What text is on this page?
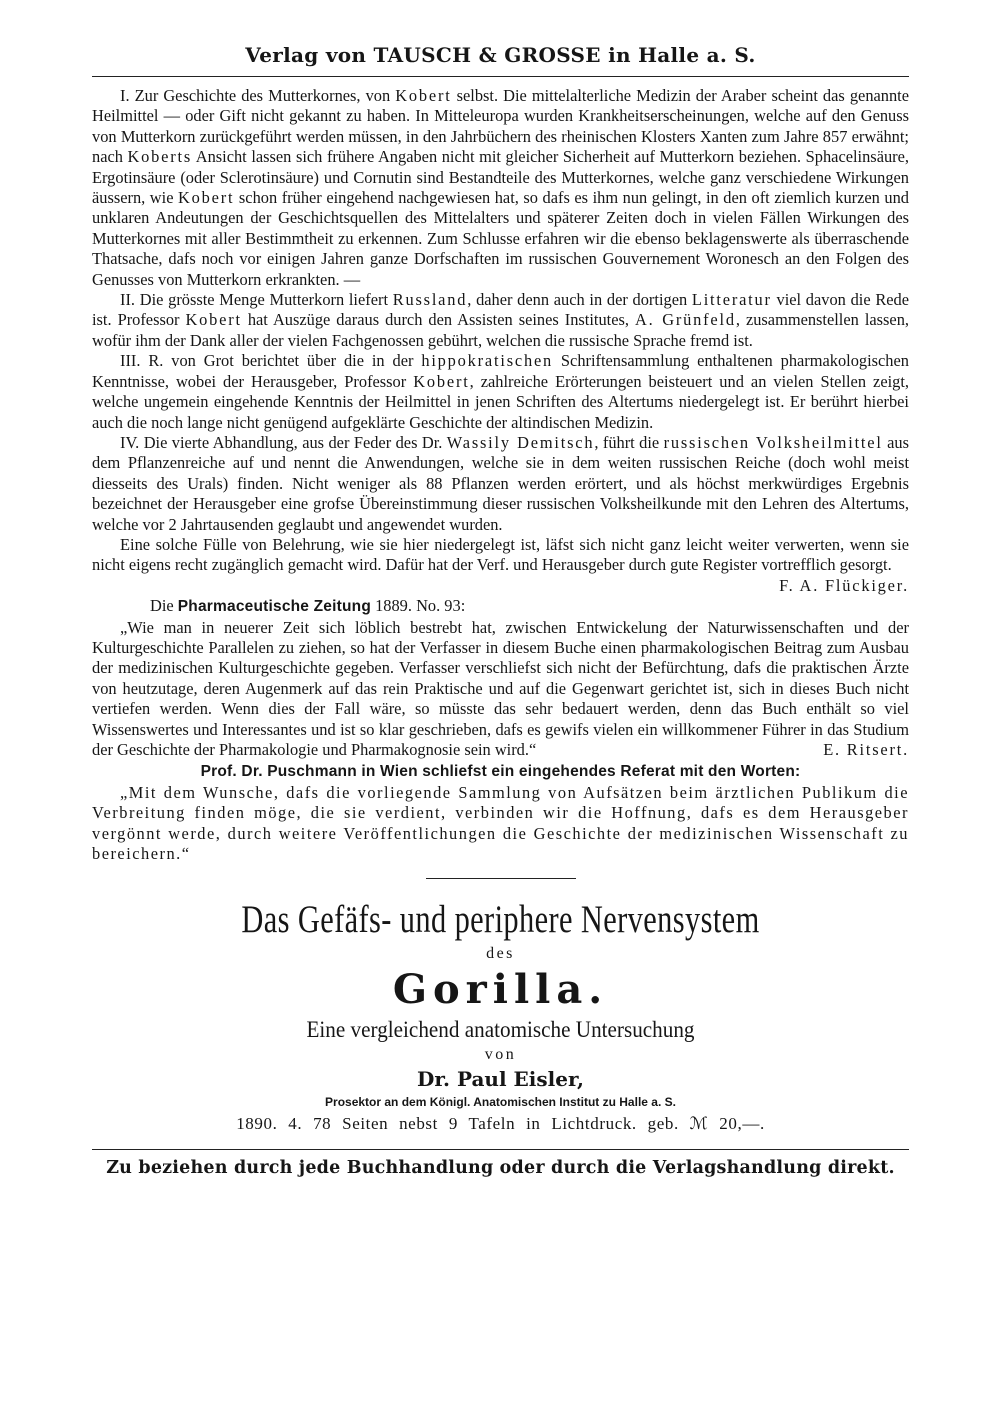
Verlag von TAUSCH & GROSSE in Halle a. S.

I. Zur Geschichte des Mutterkornes, von Kobert selbst. Die mittelalterliche Medizin der Araber scheint das genannte Heilmittel — oder Gift nicht gekannt zu haben. In Mitteleuropa wurden Krankheitserscheinungen, welche auf den Genuss von Mutterkorn zurückgeführt werden müssen, in den Jahrbüchern des rheinischen Klosters Xanten zum Jahre 857 erwähnt; nach Koberts Ansicht lassen sich frühere Angaben nicht mit gleicher Sicherheit auf Mutterkorn beziehen. Sphacelinsäure, Ergotinsäure (oder Sclerotinsäure) und Cornutin sind Bestandteile des Mutterkornes, welche ganz verschiedene Wirkungen äussern, wie Kobert schon früher eingehend nachgewiesen hat, so dafs es ihm nun gelingt, in den oft ziemlich kurzen und unklaren Andeutungen der Geschichtsquellen des Mittelalters und späterer Zeiten doch in vielen Fällen Wirkungen des Mutterkornes mit aller Bestimmtheit zu erkennen. Zum Schlusse erfahren wir die ebenso beklagenswerte als überraschende Thatsache, dafs noch vor einigen Jahren ganze Dorfschaften im russischen Gouvernement Woronesch an den Folgen des Genusses von Mutterkorn erkrankten. —

II. Die grösste Menge Mutterkorn liefert Russland, daher denn auch in der dortigen Litteratur viel davon die Rede ist. Professor Kobert hat Auszüge daraus durch den Assisten seines Institutes, A. Grünfeld, zusammenstellen lassen, wofür ihm der Dank aller der vielen Fachgenossen gebührt, welchen die russische Sprache fremd ist.

III. R. von Grot berichtet über die in der hippokratischen Schriftensammlung enthaltenen pharmakologischen Kenntnisse, wobei der Herausgeber, Professor Kobert, zahlreiche Erörterungen beisteuert und an vielen Stellen zeigt, welche ungemein eingehende Kenntnis der Heilmittel in jenen Schriften des Altertums niedergelegt ist. Er berührt hierbei auch die noch lange nicht genügend aufgeklärte Geschichte der altindischen Medizin.

IV. Die vierte Abhandlung, aus der Feder des Dr. Wassily Demitsch, führt die russischen Volksheilmittel aus dem Pflanzenreiche auf und nennt die Anwendungen, welche sie in dem weiten russischen Reiche (doch wohl meist diesseits des Urals) finden. Nicht weniger als 88 Pflanzen werden erörtert, und als höchst merkwürdiges Ergebnis bezeichnet der Herausgeber eine grofse Übereinstimmung dieser russischen Volksheilkunde mit den Lehren des Altertums, welche vor 2 Jahrtausenden geglaubt und angewendet wurden.

Eine solche Fülle von Belehrung, wie sie hier niedergelegt ist, läfst sich nicht ganz leicht weiter verwerten, wenn sie nicht eigens recht zugänglich gemacht wird. Dafür hat der Verf. und Herausgeber durch gute Register vortrefflich gesorgt.
F. A. Flückiger.

Die Pharmaceutische Zeitung 1889. No. 93:

„Wie man in neuerer Zeit sich löblich bestrebt hat, zwischen Entwickelung der Naturwissenschaften und der Kulturgeschichte Parallelen zu ziehen, so hat der Verfasser in diesem Buche einen pharmakologischen Beitrag zum Ausbau der medizinischen Kulturgeschichte gegeben. Verfasser verschliefst sich nicht der Befürchtung, dafs die praktischen Ärzte von heutzutage, deren Augenmerk auf das rein Praktische und auf die Gegenwart gerichtet ist, sich in dieses Buch nicht vertiefen werden. Wenn dies der Fall wäre, so müsste das sehr bedauert werden, denn das Buch enthält so viel Wissenswertes und Interessantes und ist so klar geschrieben, dafs es gewifs vielen ein willkommener Führer in das Studium der Geschichte der Pharmakologie und Pharmakognosie sein wird.“	E. Ritsert.

Prof. Dr. Puschmann in Wien schliefst ein eingehendes Referat mit den Worten:

„Mit dem Wunsche, dafs die vorliegende Sammlung von Aufsätzen beim ärztlichen Publikum die Verbreitung finden möge, die sie verdient, verbinden wir die Hoffnung, dafs es dem Herausgeber vergönnt werde, durch weitere Veröffentlichungen die Geschichte der medizinischen Wissenschaft zu bereichern.“

Das Gefäfs- und periphere Nervensystem
des
Gorilla.
Eine vergleichend anatomische Untersuchung
von
Dr. Paul Eisler,
Prosektor an dem Königl. Anatomischen Institut zu Halle a. S.
1890. 4. 78 Seiten nebst 9 Tafeln in Lichtdruck. geb. ℳ 20,—.
Zu beziehen durch jede Buchhandlung oder durch die Verlagshandlung direkt.
